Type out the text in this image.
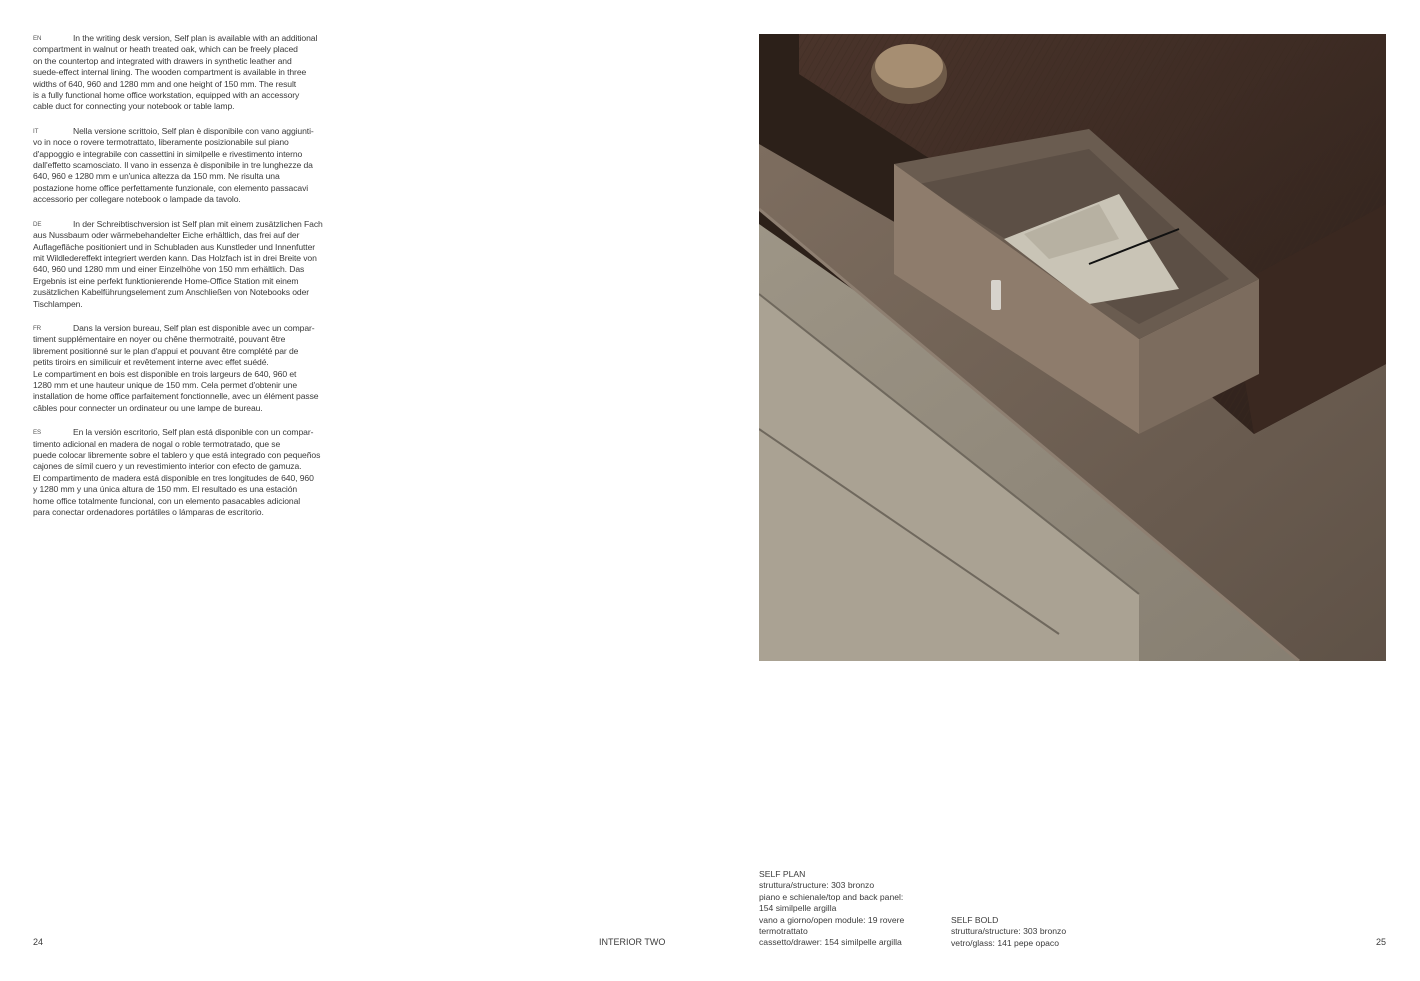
EN	In the writing desk version, Self plan is available with an additional
compartment in walnut or heath treated oak, which can be freely placed
on the countertop and integrated with drawers in synthetic leather and
suede-effect internal lining. The wooden compartment is available in three
widths of 640, 960 and 1280 mm and one height of 150 mm. The result
is a fully functional home office workstation, equipped with an accessory
cable duct for connecting your notebook or table lamp.

IT	Nella versione scrittoio, Self plan è disponibile con vano aggiunti-
vo in noce o rovere termotrattato, liberamente posizionabile sul piano
d'appoggio e integrabile con cassettini in similpelle e rivestimento interno
dall'effetto scamosciato. Il vano in essenza è disponibile in tre lunghezze da
640, 960 e 1280 mm e un'unica altezza da 150 mm. Ne risulta una
postazione home office perfettamente funzionale, con elemento passacavi
accessorio per collegare notebook o lampade da tavolo.

DE	In der Schreibtischversion ist Self plan mit einem zusätzlichen Fach
aus Nussbaum oder wärmebehandelter Eiche erhältlich, das frei auf der
Auflagefläche positioniert und in Schubladen aus Kunstleder und Innenfutter
mit Wildledereffekt integriert werden kann. Das Holzfach ist in drei Breite von
640, 960 und 1280 mm und einer Einzelhöhe von 150 mm erhältlich. Das
Ergebnis ist eine perfekt funktionierende Home-Office Station mit einem
zusätzlichen Kabelführungselement zum Anschließen von Notebooks oder
Tischlampen.

FR	Dans la version bureau, Self plan est disponible avec un compar-
timent supplémentaire en noyer ou chêne thermotraité, pouvant être
librement positionné sur le plan d'appui et pouvant être complété par de
petits tiroirs en similicuir et revêtement interne avec effet suédé.
Le compartiment en bois est disponible en trois largeurs de 640, 960 et
1280 mm et une hauteur unique de 150 mm. Cela permet d'obtenir une
installation de home office parfaitement fonctionnelle, avec un élément passe
câbles pour connecter un ordinateur ou une lampe de bureau.

ES	En la versión escritorio, Self plan está disponible con un compar-
timento adicional en madera de nogal o roble termotratado, que se
puede colocar libremente sobre el tablero y que está integrado con pequeños
cajones de símil cuero y un revestimiento interior con efecto de gamuza.
El compartimento de madera está disponible en tres longitudes de 640, 960
y 1280 mm y una única altura de 150 mm. El resultado es una estación
home office totalmente funcional, con un elemento pasacables adicional
para conectar ordenadores portátiles o lámparas de escritorio.

SELF PLAN
struttura/structure: 303 bronzo
piano e schienale/top and back panel:
154 similpelle argilla
vano a giorno/open module: 19 rovere
termotrattato
cassetto/drawer: 154 similpelle argilla
SELF BOLD
struttura/structure: 303 bronzo
vetro/glass: 141 pepe opaco
24	INTERIOR TWO	25
